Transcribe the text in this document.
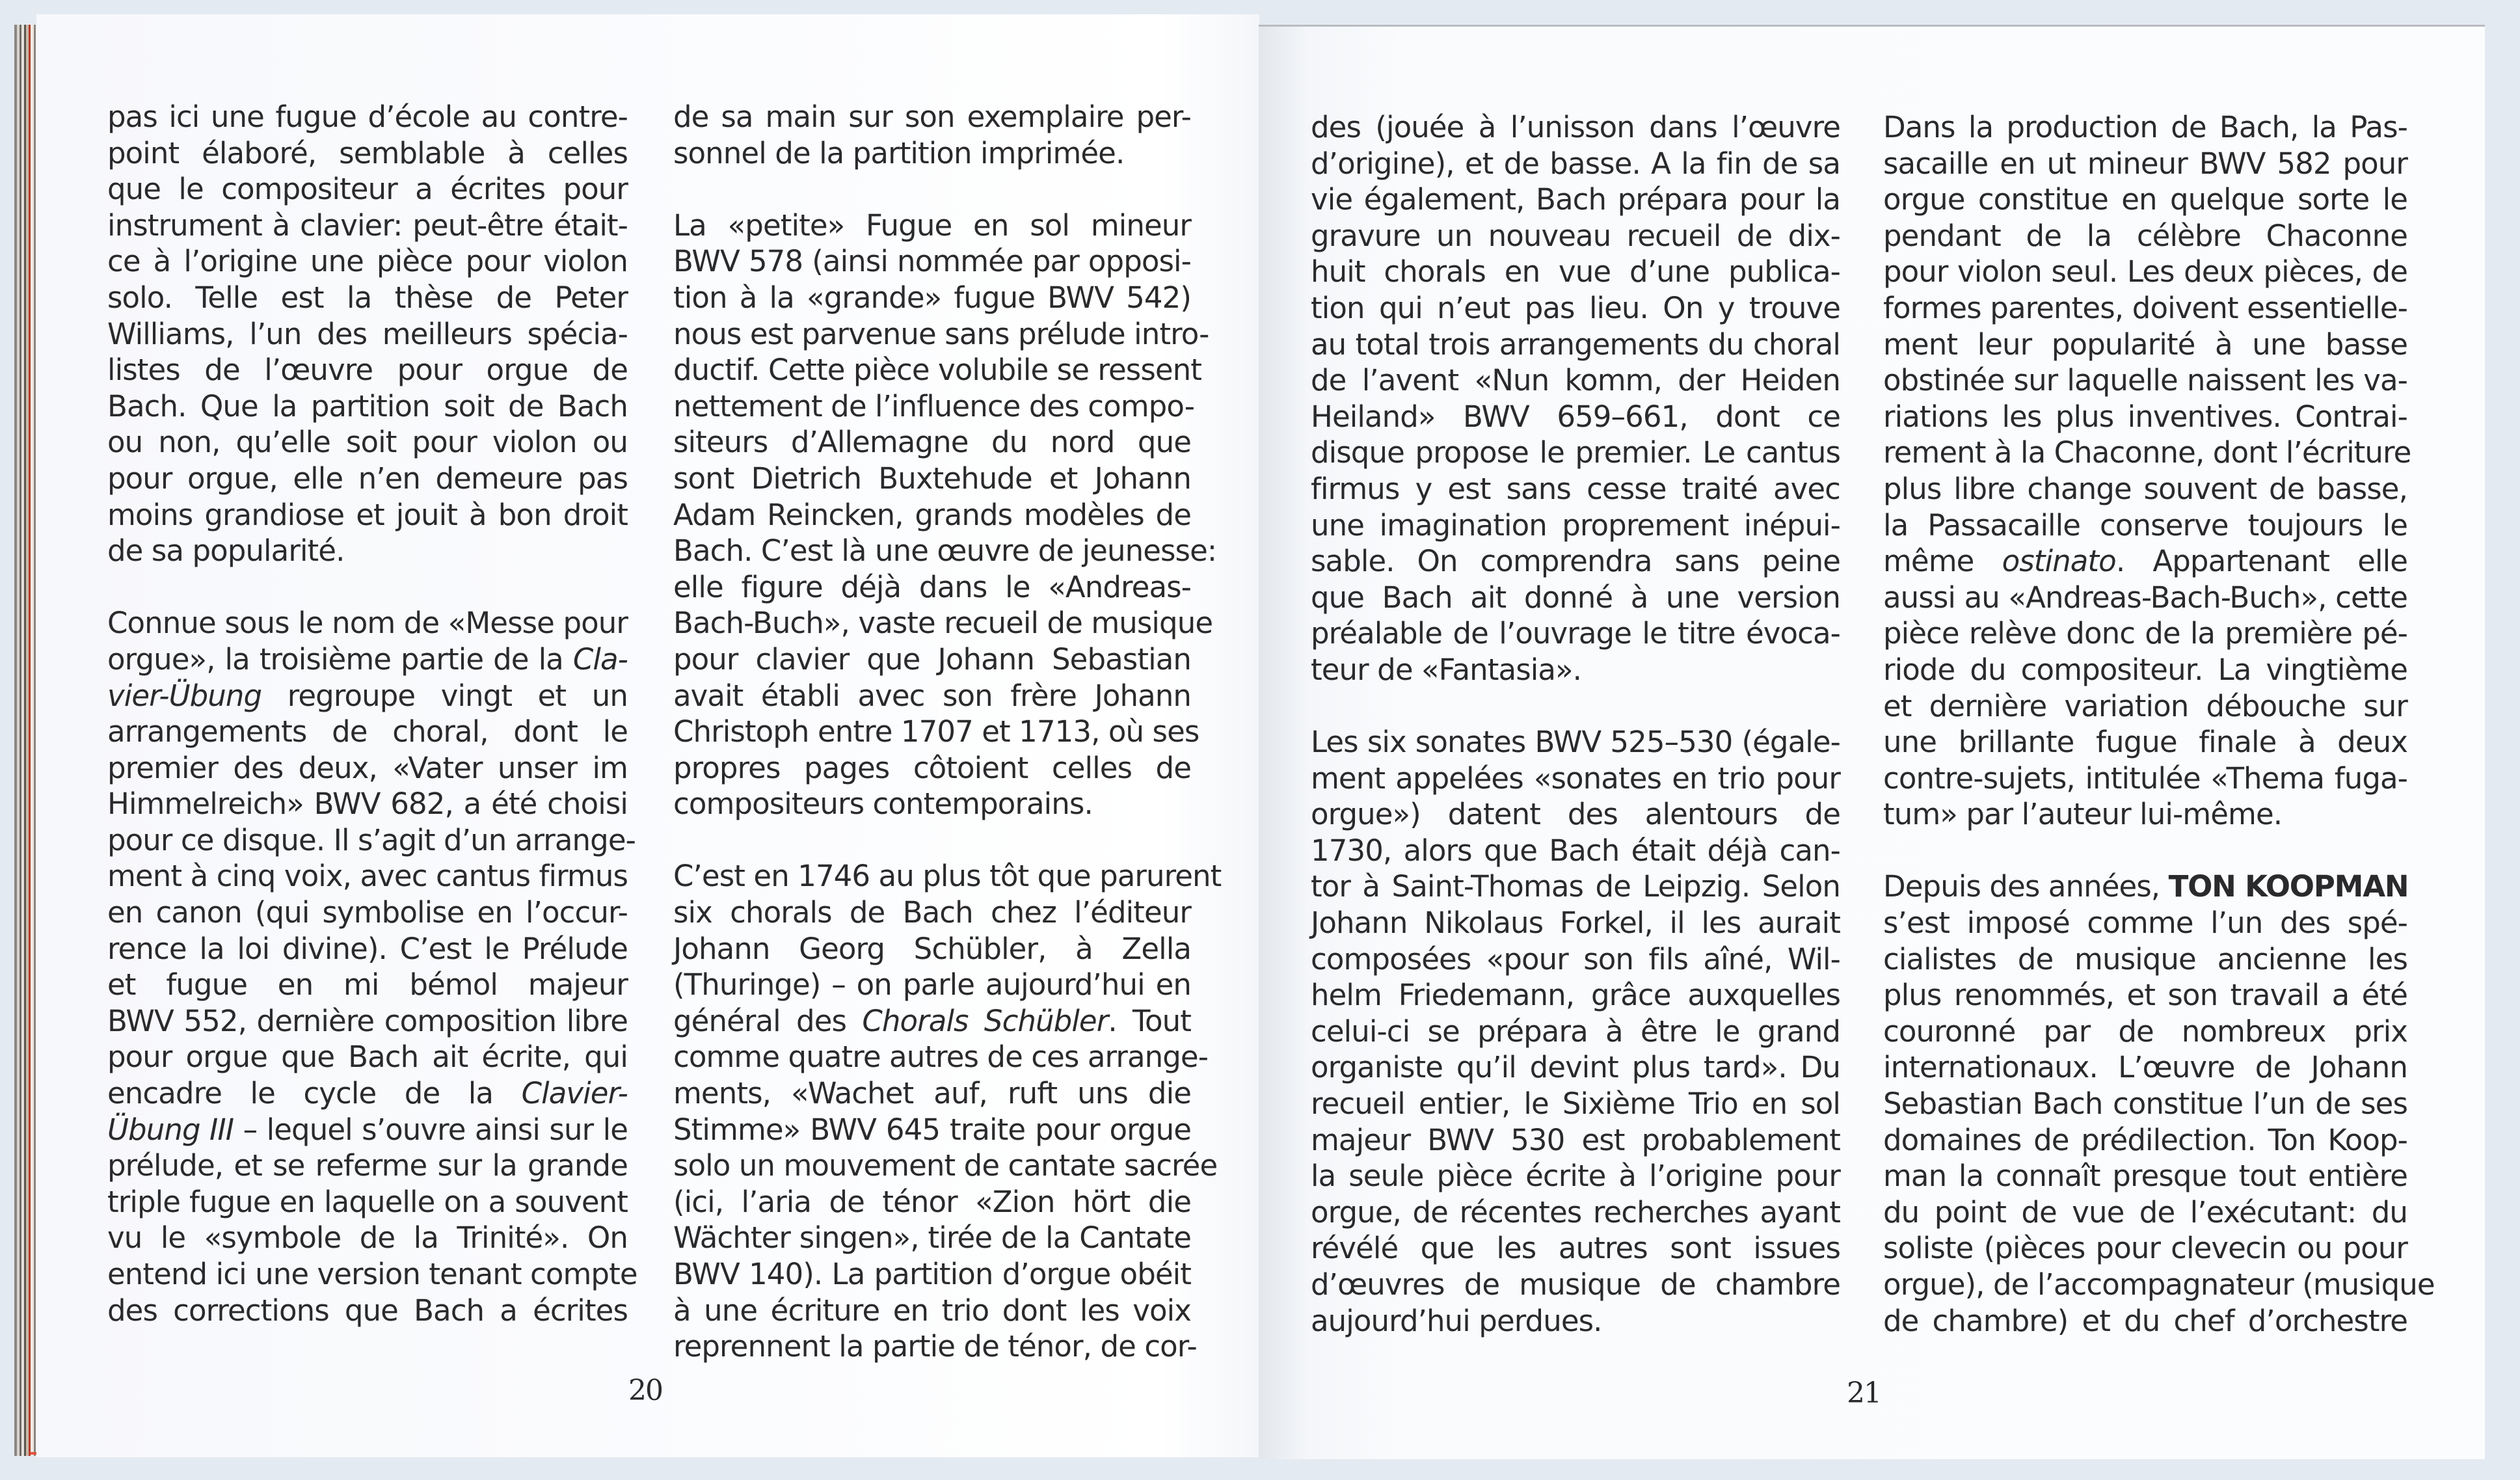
pas ici une fugue d’école au contre-
point élaboré, semblable à celles
que le compositeur a écrites pour
instrument à clavier: peut-être était-
ce à l’origine une pièce pour violon
solo. Telle est la thèse de Peter
Williams, l’un des meilleurs spécia-
listes de l’œuvre pour orgue de
Bach. Que la partition soit de Bach
ou non, qu’elle soit pour violon ou
pour orgue, elle n’en demeure pas
moins grandiose et jouit à bon droit
de sa popularité.
Connue sous le nom de «Messe pour
orgue», la troisième partie de la Cla-
vier-Übung regroupe vingt et un
arrangements de choral, dont le
premier des deux, «Vater unser im
Himmelreich» BWV 682, a été choisi
pour ce disque. Il s’agit d’un arrange-
ment à cinq voix, avec cantus firmus
en canon (qui symbolise en l’occur-
rence la loi divine). C’est le Prélude
et fugue en mi bémol majeur
BWV 552, dernière composition libre
pour orgue que Bach ait écrite, qui
encadre le cycle de la Clavier-
Übung III – lequel s’ouvre ainsi sur le
prélude, et se referme sur la grande
triple fugue en laquelle on a souvent
vu le «symbole de la Trinité». On
entend ici une version tenant compte
des corrections que Bach a écrites
de sa main sur son exemplaire per-
sonnel de la partition imprimée.
La «petite» Fugue en sol mineur
BWV 578 (ainsi nommée par opposi-
tion à la «grande» fugue BWV 542)
nous est parvenue sans prélude intro-
ductif. Cette pièce volubile se ressent
nettement de l’influence des compo-
siteurs d’Allemagne du nord que
sont Dietrich Buxtehude et Johann
Adam Reincken, grands modèles de
Bach. C’est là une œuvre de jeunesse:
elle figure déjà dans le «Andreas-
Bach-Buch», vaste recueil de musique
pour clavier que Johann Sebastian
avait établi avec son frère Johann
Christoph entre 1707 et 1713, où ses
propres pages côtoient celles de
compositeurs contemporains.
C’est en 1746 au plus tôt que parurent
six chorals de Bach chez l’éditeur
Johann Georg Schübler, à Zella
(Thuringe) – on parle aujourd’hui en
général des Chorals Schübler. Tout
comme quatre autres de ces arrange-
ments, «Wachet auf, ruft uns die
Stimme» BWV 645 traite pour orgue
solo un mouvement de cantate sacrée
(ici, l’aria de ténor «Zion hört die
Wächter singen», tirée de la Cantate
BWV 140). La partition d’orgue obéit
à une écriture en trio dont les voix
reprennent la partie de ténor, de cor-
des (jouée à l’unisson dans l’œuvre
d’origine), et de basse. A la fin de sa
vie également, Bach prépara pour la
gravure un nouveau recueil de dix-
huit chorals en vue d’une publica-
tion qui n’eut pas lieu. On y trouve
au total trois arrangements du choral
de l’avent «Nun komm, der Heiden
Heiland» BWV 659–661, dont ce
disque propose le premier. Le cantus
firmus y est sans cesse traité avec
une imagination proprement inépui-
sable. On comprendra sans peine
que Bach ait donné à une version
préalable de l’ouvrage le titre évoca-
teur de «Fantasia».
Les six sonates BWV 525–530 (égale-
ment appelées «sonates en trio pour
orgue») datent des alentours de
1730, alors que Bach était déjà can-
tor à Saint-Thomas de Leipzig. Selon
Johann Nikolaus Forkel, il les aurait
composées «pour son fils aîné, Wil-
helm Friedemann, grâce auxquelles
celui-ci se prépara à être le grand
organiste qu’il devint plus tard». Du
recueil entier, le Sixième Trio en sol
majeur BWV 530 est probablement
la seule pièce écrite à l’origine pour
orgue, de récentes recherches ayant
révélé que les autres sont issues
d’œuvres de musique de chambre
aujourd’hui perdues.
Dans la production de Bach, la Pas-
sacaille en ut mineur BWV 582 pour
orgue constitue en quelque sorte le
pendant de la célèbre Chaconne
pour violon seul. Les deux pièces, de
formes parentes, doivent essentielle-
ment leur popularité à une basse
obstinée sur laquelle naissent les va-
riations les plus inventives. Contrai-
rement à la Chaconne, dont l’écriture
plus libre change souvent de basse,
la Passacaille conserve toujours le
même ostinato. Appartenant elle
aussi au «Andreas-Bach-Buch», cette
pièce relève donc de la première pé-
riode du compositeur. La vingtième
et dernière variation débouche sur
une brillante fugue finale à deux
contre-sujets, intitulée «Thema fuga-
tum» par l’auteur lui-même.
Depuis des années, TON KOOPMAN
s’est imposé comme l’un des spé-
cialistes de musique ancienne les
plus renommés, et son travail a été
couronné par de nombreux prix
internationaux. L’œuvre de Johann
Sebastian Bach constitue l’un de ses
domaines de prédilection. Ton Koop-
man la connaît presque tout entière
du point de vue de l’exécutant: du
soliste (pièces pour clevecin ou pour
orgue), de l’accompagnateur (musique
de chambre) et du chef d’orchestre
20	21
